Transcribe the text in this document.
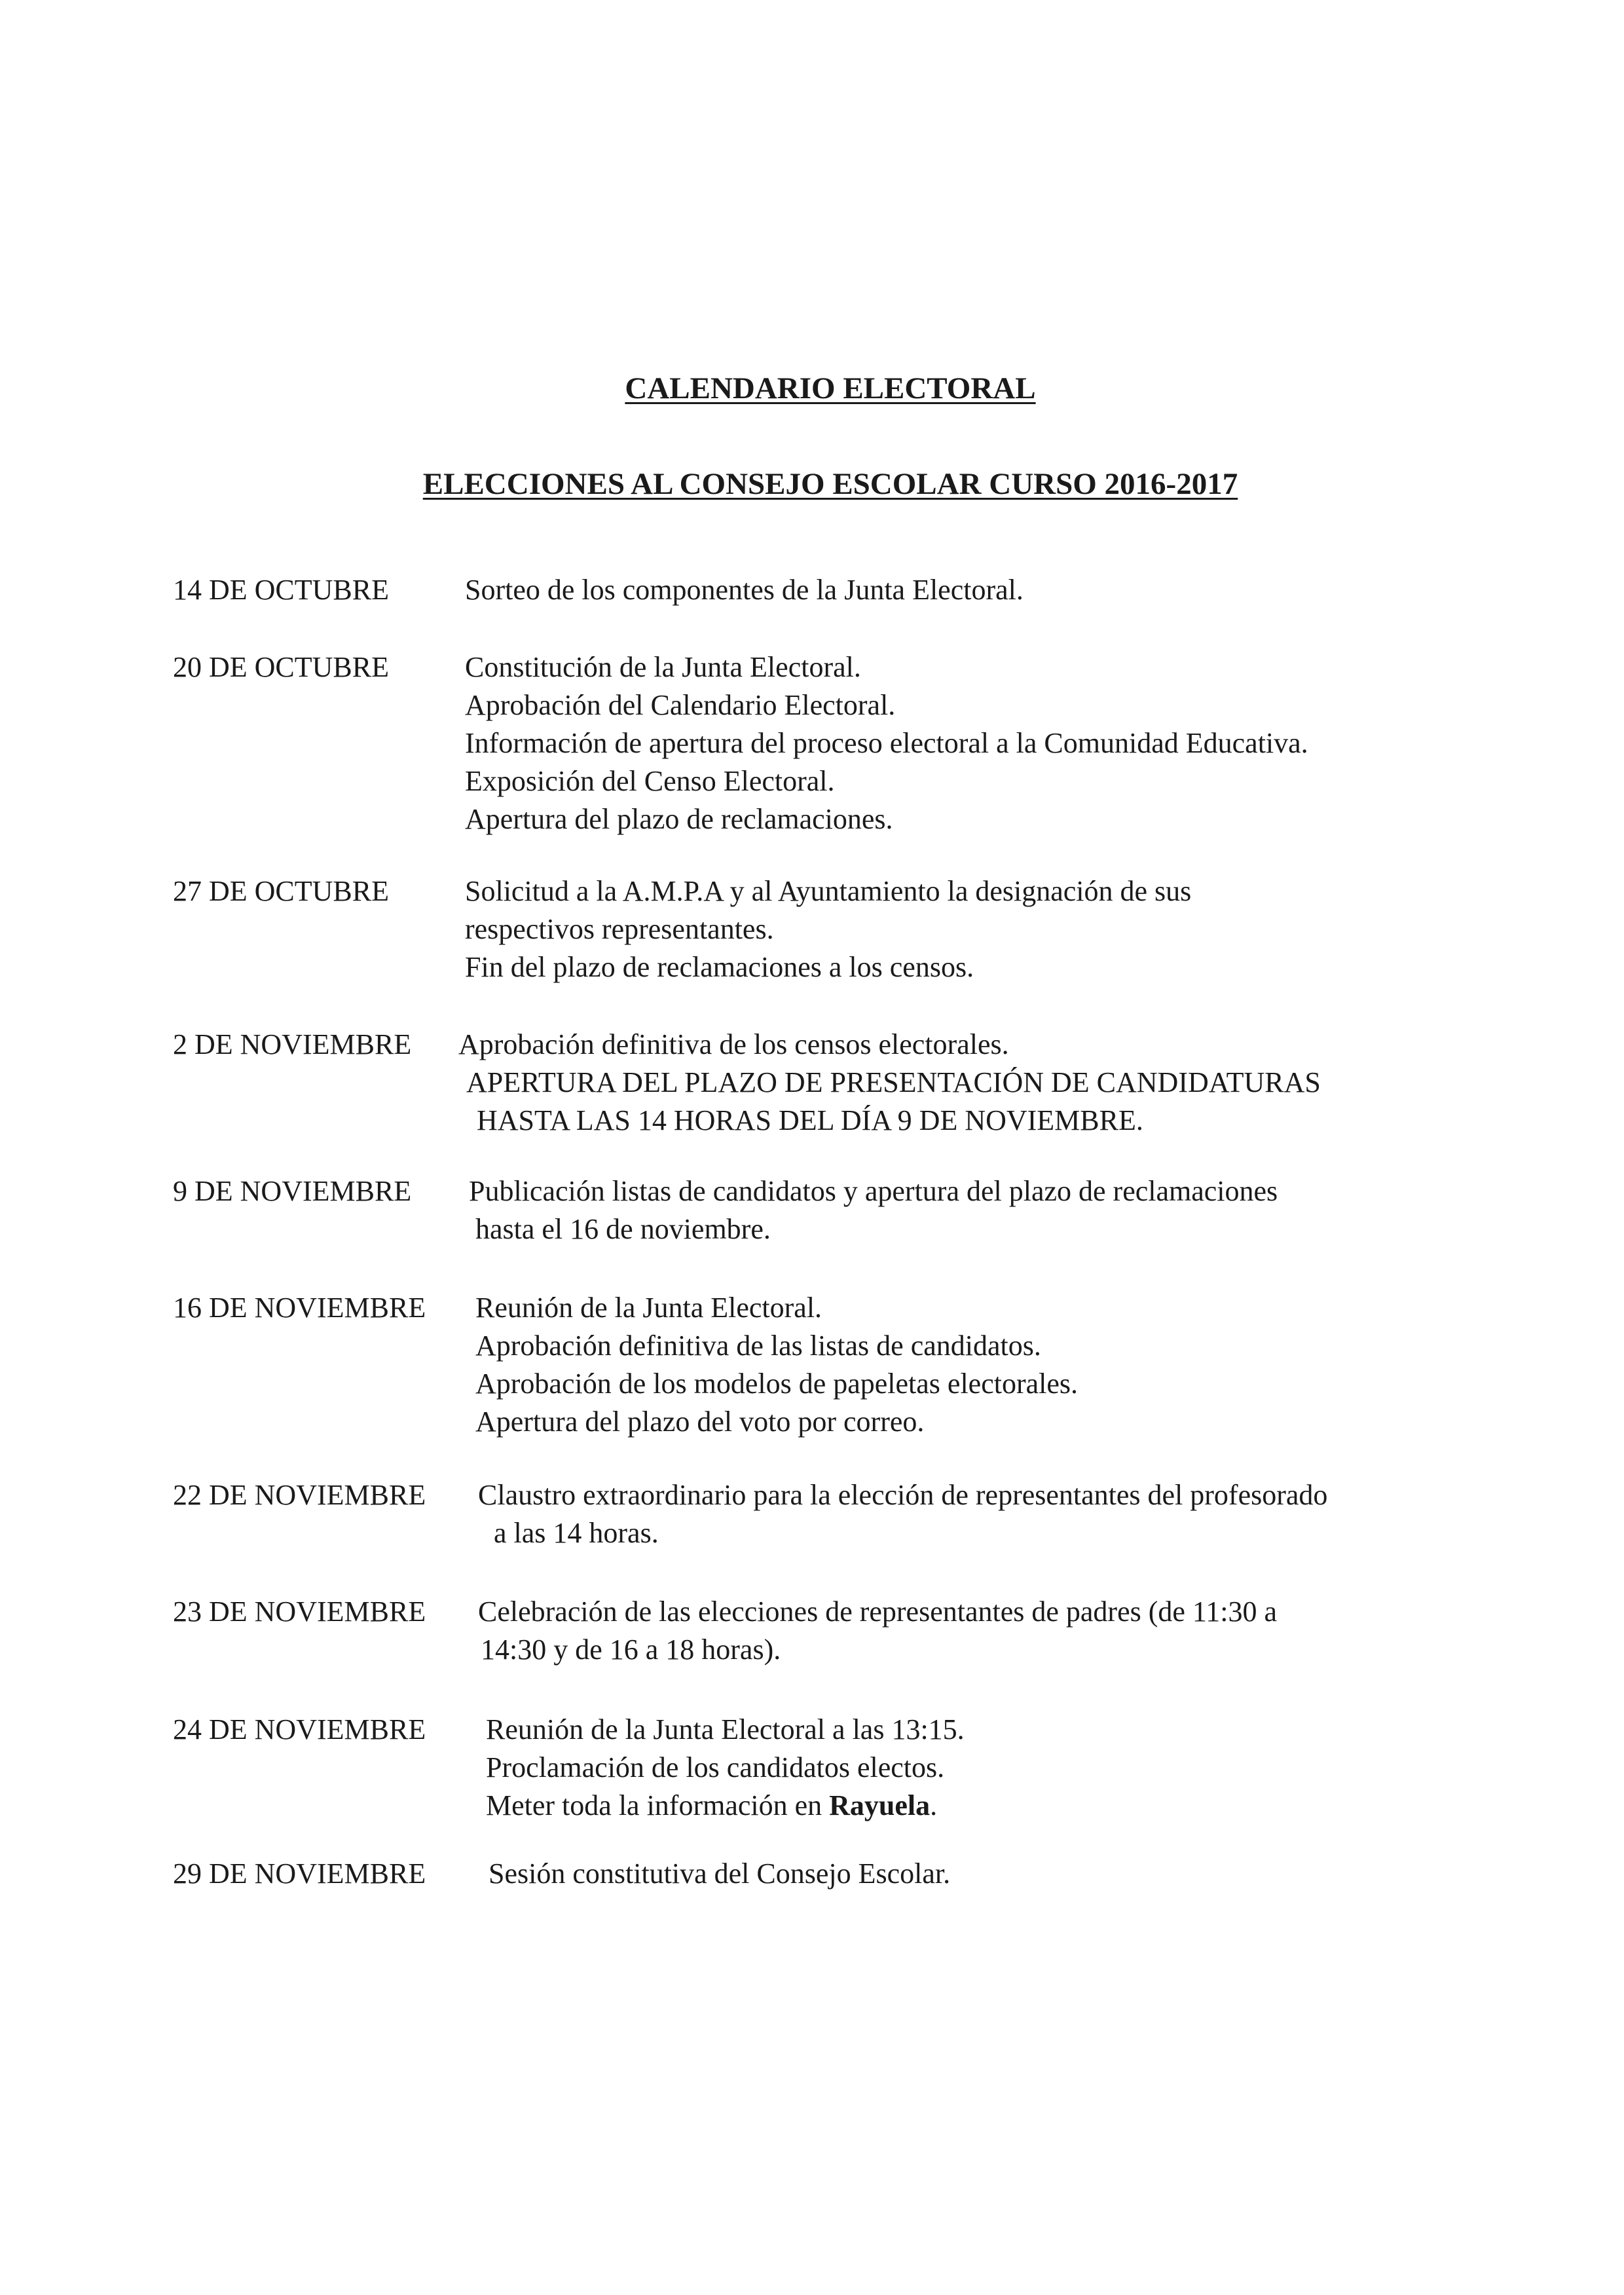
CALENDARIO ELECTORAL
ELECCIONES AL CONSEJO ESCOLAR CURSO 2016-2017
14 DE OCTUBRE	Sorteo de los componentes de la Junta Electoral.
20 DE OCTUBRE	Constitución de la Junta Electoral.
Aprobación del Calendario Electoral.
Información de apertura del proceso electoral a la Comunidad Educativa.
Exposición del Censo Electoral.
Apertura del plazo de reclamaciones.
27 DE OCTUBRE	Solicitud a la A.M.P.A y al Ayuntamiento la designación de sus
respectivos representantes.
Fin del plazo de reclamaciones a los censos.
2 DE NOVIEMBRE Aprobación definitiva de los censos electorales.
APERTURA DEL PLAZO DE PRESENTACIÓN DE CANDIDATURAS
HASTA LAS 14 HORAS DEL DÍA 9 DE NOVIEMBRE.
9 DE NOVIEMBRE Publicación listas de candidatos y apertura del plazo de reclamaciones
hasta el 16 de noviembre.
16 DE NOVIEMBRE Reunión de la Junta Electoral.
Aprobación definitiva de las listas de candidatos.
Aprobación de los modelos de papeletas electorales.
Apertura del plazo del voto por correo.
22 DE NOVIEMBRE Claustro extraordinario para la elección de representantes del profesorado
a las 14 horas.
23 DE NOVIEMBRE Celebración de las elecciones de representantes de padres (de 11:30 a
14:30 y de 16 a 18 horas).
24 DE NOVIEMBRE Reunión de la Junta Electoral a las 13:15.
Proclamación de los candidatos electos.
Meter toda la información en Rayuela.
29 DE NOVIEMBRE Sesión constitutiva del Consejo Escolar.
